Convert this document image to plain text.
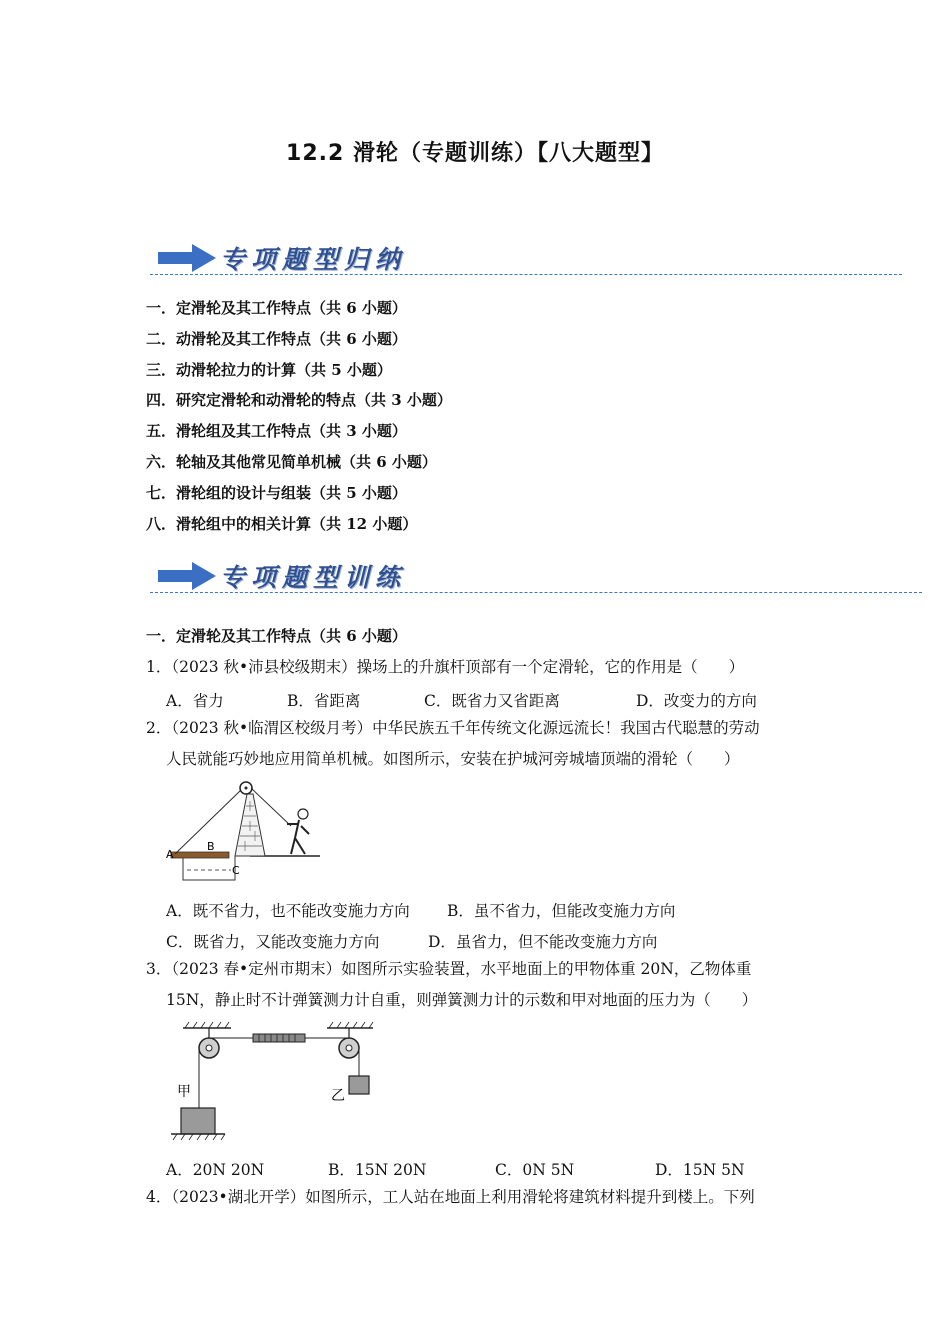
12.2 滑轮（专题训练）【八大题型】
专项题型归纳
一．定滑轮及其工作特点（共 6 小题）
二．动滑轮及其工作特点（共 6 小题）
三．动滑轮拉力的计算（共 5 小题）
四．研究定滑轮和动滑轮的特点（共 3 小题）
五．滑轮组及其工作特点（共 3 小题）
六．轮轴及其他常见简单机械（共 6 小题）
七．滑轮组的设计与组装（共 5 小题）
八．滑轮组中的相关计算（共 12 小题）
专项题型训练
一．定滑轮及其工作特点（共 6 小题）
1．（2023 秋•沛县校级期末）操场上的升旗杆顶部有一个定滑轮，它的作用是（　　）
A．省力	B．省距离	C．既省力又省距离	D．改变力的方向
2．（2023 秋•临渭区校级月考）中华民族五千年传统文化源远流长！我国古代聪慧的劳动
人民就能巧妙地应用简单机械。如图所示，安装在护城河旁城墙顶端的滑轮（　　）
A
B
C
A．既不省力，也不能改变施力方向 B．虽不省力，但能改变施力方向
C．既省力，又能改变施力方向	D．虽省力，但不能改变施力方向
3．（2023 春•定州市期末）如图所示实验装置，水平地面上的甲物体重 20N，乙物体重
15N，静止时不计弹簧测力计自重，则弹簧测力计的示数和甲对地面的压力为（　　）
甲	乙
A．20N 20N	B．15N 20N	C．0N 5N	D．15N 5N
4．（2023•湖北开学）如图所示，工人站在地面上利用滑轮将建筑材料提升到楼上。下列
